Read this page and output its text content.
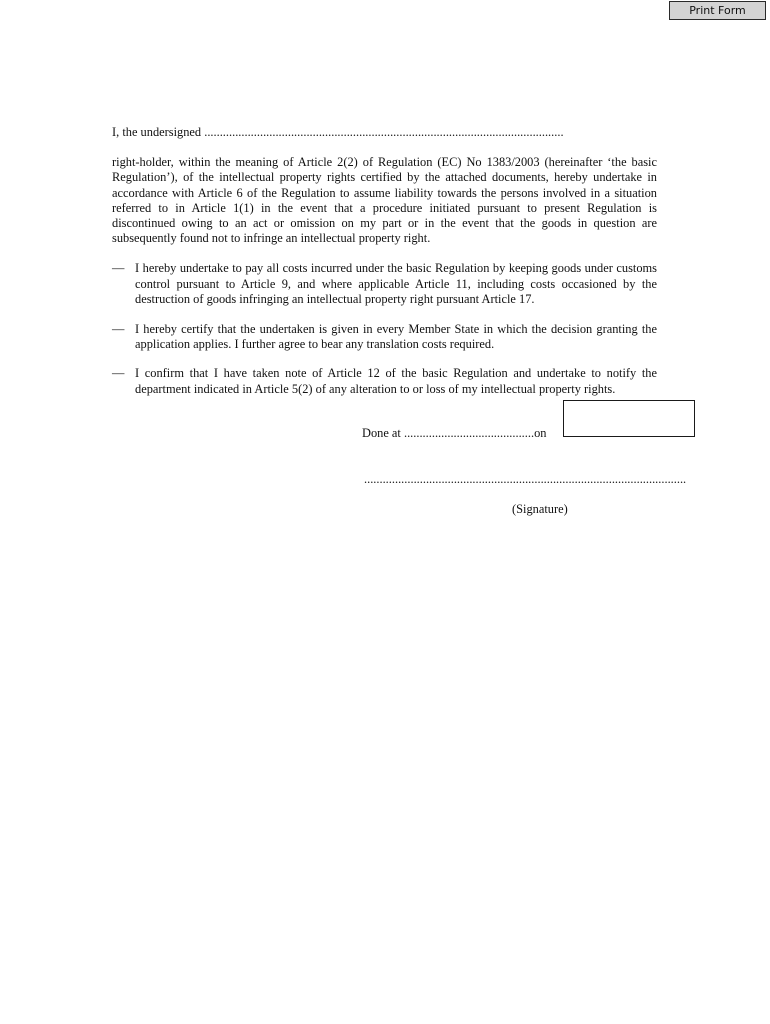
Print Form

I, the undersigned ....................................................................................................................

right-holder, within the meaning of Article 2(2) of Regulation (EC) No 1383/2003 (hereinafter ‘the basic Regulation’), of the intellectual property rights certified by the attached documents, hereby undertake in accordance with Article 6 of the Regulation to assume liability towards the persons involved in a situation referred to in Article 1(1) in the event that a procedure initiated pursuant to present Regulation is discontinued owing to an act or omission on my part or in the event that the goods in question are subsequently found not to infringe an intellectual property right.

— I hereby undertake to pay all costs incurred under the basic Regulation by keeping goods under customs control pursuant to Article 9, and where applicable Article 11, including costs occasioned by the destruction of goods infringing an intellectual property right pursuant Article 17.
— I hereby certify that the undertaken is given in every Member State in which the decision granting the application applies. I further agree to bear any translation costs required.
— I confirm that I have taken note of Article 12 of the basic Regulation and undertake to notify the department indicated in Article 5(2) of any alteration to or loss of my intellectual property rights.
Done at ..........................................on
........................................................................................................
(Signature)
